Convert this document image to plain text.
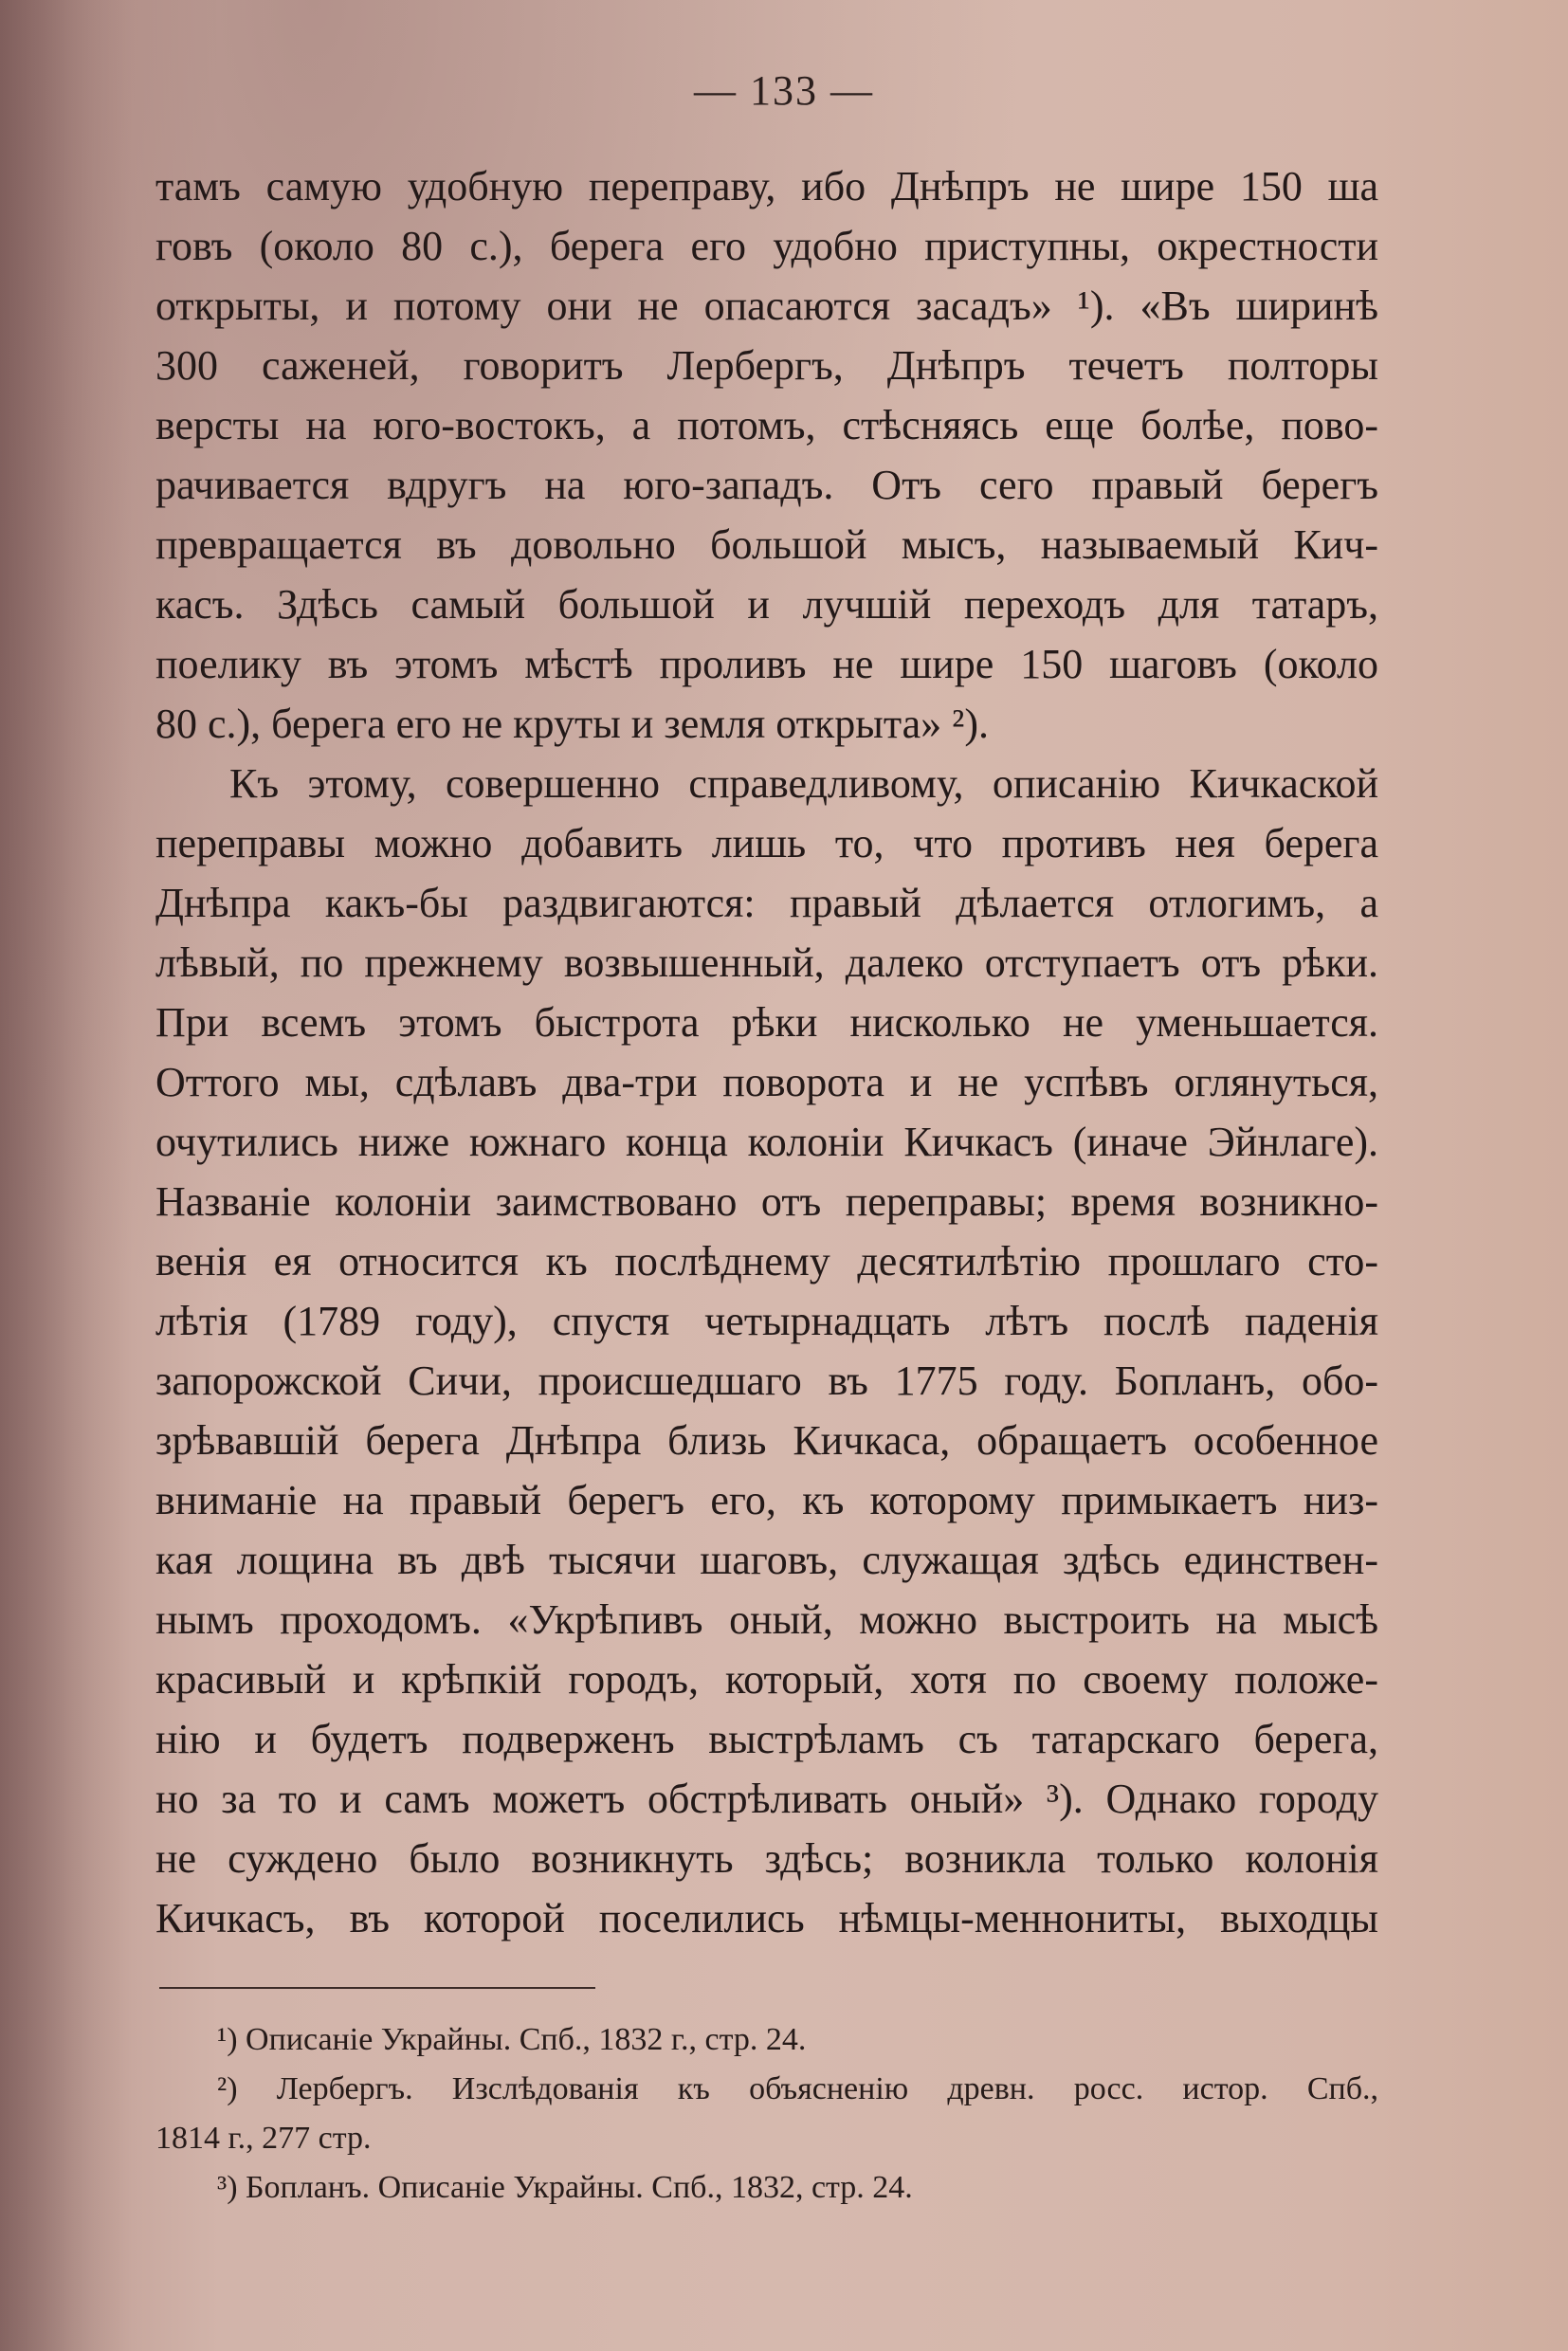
— 133 —
тамъ самую удобную переправу, ибо Днѣпръ не шире 150 ша
говъ (около 80 с.), берега его удобно приступны, окрестности
открыты, и потому они не опасаются засадъ» ¹). «Въ ширинѣ
300 саженей, говоритъ Лербергъ, Днѣпръ течетъ полторы
версты на юго-востокъ, а потомъ, стѣсняясь еще болѣе, пово-
рачивается вдругъ на юго-западъ. Отъ сего правый берегъ
превращается въ довольно большой мысъ, называемый Кич-
касъ. Здѣсь самый большой и лучшій переходъ для татаръ,
поелику въ этомъ мѣстѣ проливъ не шире 150 шаговъ (около
80 с.), берега его не круты и земля открыта» ²).
Къ этому, совершенно справедливому, описанію Кичкаской
переправы можно добавить лишь то, что противъ нея берега
Днѣпра какъ-бы раздвигаются: правый дѣлается отлогимъ, а
лѣвый, по прежнему возвышенный, далеко отступаетъ отъ рѣки.
При всемъ этомъ быстрота рѣки нисколько не уменьшается.
Оттого мы, сдѣлавъ два-три поворота и не успѣвъ оглянуться,
очутились ниже южнаго конца колоніи Кичкасъ (иначе Эйнлаге).
Названіе колоніи заимствовано отъ переправы; время возникно-
венія ея относится къ послѣднему десятилѣтію прошлаго сто-
лѣтія (1789 году), спустя четырнадцать лѣтъ послѣ паденія
запорожской Сичи, происшедшаго въ 1775 году. Бопланъ, обо-
зрѣвавшій берега Днѣпра близь Кичкаса, обращаетъ особенное
вниманіе на правый берегъ его, къ которому примыкаетъ низ-
кая лощина въ двѣ тысячи шаговъ, служащая здѣсь единствен-
нымъ проходомъ. «Укрѣпивъ оный, можно выстроить на мысѣ
красивый и крѣпкій городъ, который, хотя по своему положе-
нію и будетъ подверженъ выстрѣламъ съ татарскаго берега,
но за то и самъ можетъ обстрѣливать оный» ³). Однако городу
не суждено было возникнуть здѣсь; возникла только колонія
Кичкасъ, въ которой поселились нѣмцы-меннониты, выходцы
¹) Описаніе Украйны. Спб., 1832 г., стр. 24.
²) Лербергъ. Изслѣдованія къ объясненію древн. росс. истор. Спб.,
1814 г., 277 стр.
³) Бопланъ. Описаніе Украйны. Спб., 1832, стр. 24.
